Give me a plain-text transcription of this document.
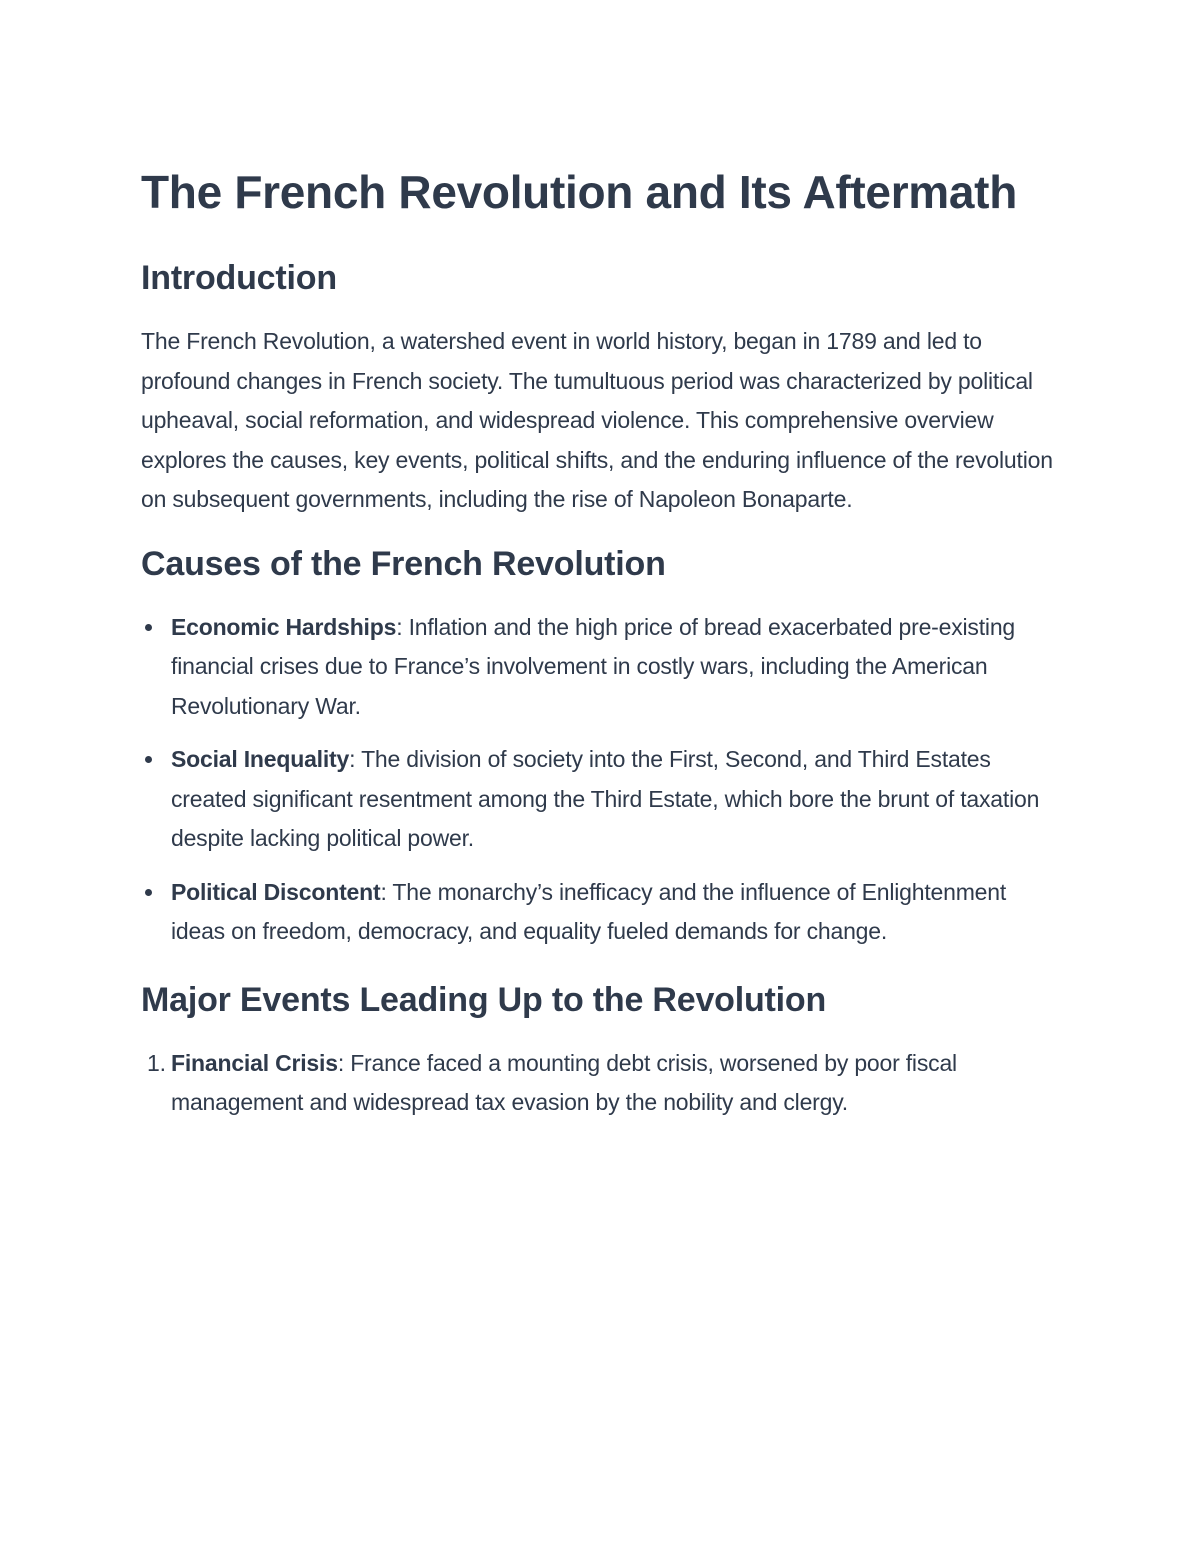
The French Revolution and Its Aftermath
Introduction

The French Revolution, a watershed event in world history, began in 1789 and led to profound changes in French society. The tumultuous period was characterized by political upheaval, social reformation, and widespread violence. This comprehensive overview explores the causes, key events, political shifts, and the enduring influence of the revolution on subsequent governments, including the rise of Napoleon Bonaparte.

Causes of the French Revolution
Economic Hardships: Inflation and the high price of bread exacerbated pre-existing financial crises due to France’s involvement in costly wars, including the American Revolutionary War.
Social Inequality: The division of society into the First, Second, and Third Estates created significant resentment among the Third Estate, which bore the brunt of taxation despite lacking political power.
Political Discontent: The monarchy’s inefficacy and the influence of Enlightenment ideas on freedom, democracy, and equality fueled demands for change.
Major Events Leading Up to the Revolution
1. Financial Crisis: France faced a mounting debt crisis, worsened by poor fiscal management and widespread tax evasion by the nobility and clergy.
